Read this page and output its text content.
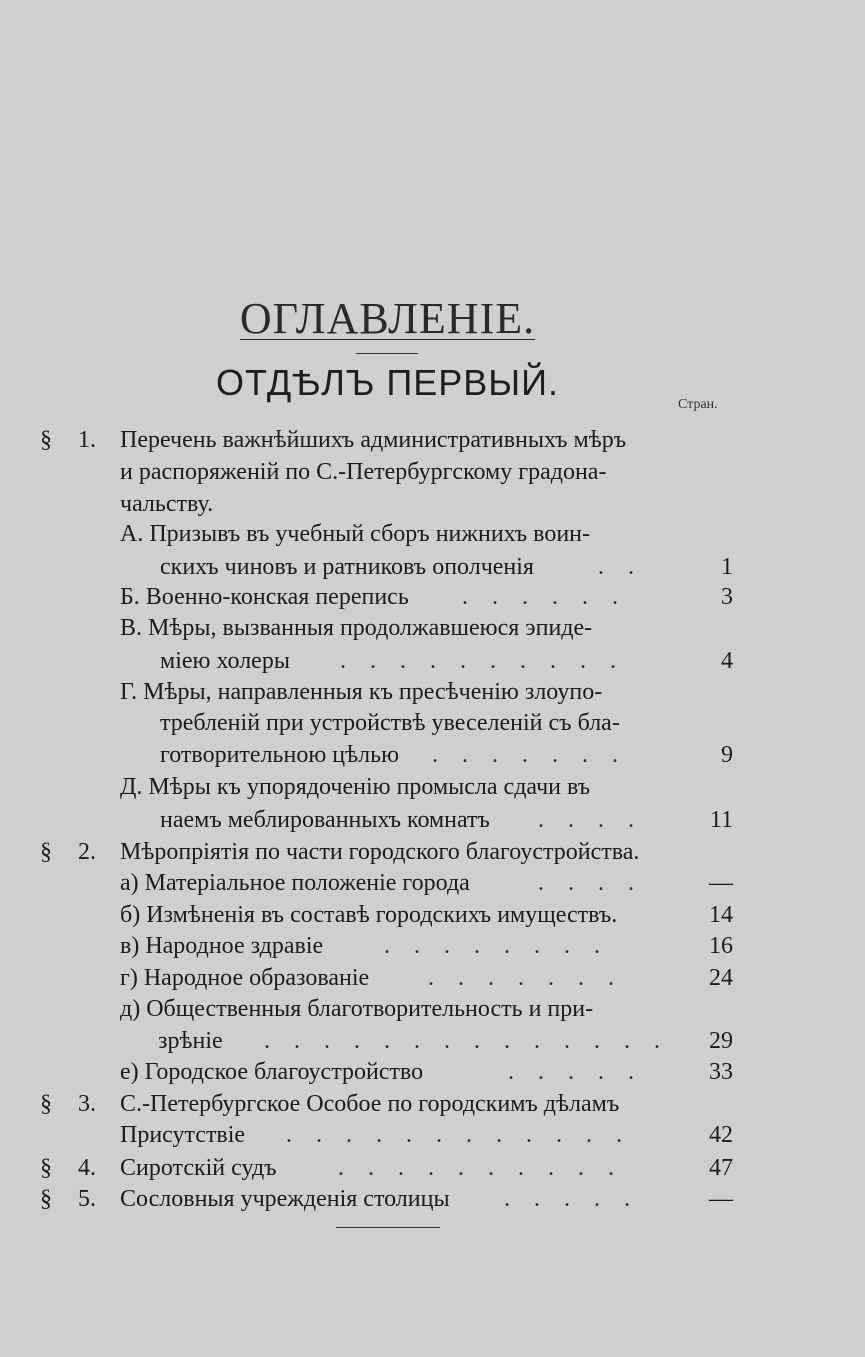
ОГЛАВЛЕНІЕ.
ОТДѢЛЪ ПЕРВЫЙ.
Стран.
§ 1. Перечень важнѣйшихъ административныхъ мѣръ
и распоряженій по С.-Петербургскому градона-
чальству.
А. Призывъ въ учебный сборъ нижнихъ воин-
скихъ чиновъ и ратниковъ ополченія	. .	1
Б. Военно-конская перепись . . . . . .	3
В. Мѣры, вызванныя продолжавшеюся эпиде-
міею холеры . . . . . . . . . .	4
Г. Мѣры, направленныя къ пресѣченію злоупо-
требленій при устройствѣ увеселеній съ бла-
готворительною цѣлью . . . . . . .	9
Д. Мѣры къ упорядоченію промысла сдачи въ
наемъ меблированныхъ комнатъ . . . .	11
§ 2. Мѣропріятія по части городского благоустройства.
а) Матеріальное положеніе города	. . . .	—
б) Измѣненія въ составѣ городскихъ имуществъ.	14
в) Народное здравіе	. . . . . . . .	16
г) Народное образованіе . . . . . . .	24
д) Общественныя благотворительность и при-
зрѣніе . . . . . . . . . . . . . .	29
е) Городское благоустройство	. . . . .	33
§ 3. С.-Петербургское Особое по городскимъ дѣламъ
Присутствіе . . . . . . . . . . . .	42
§ 4. Сиротскій судъ	. . . . . . . . . .	47
§ 5. Сословныя учрежденія столицы . . . . .	—
